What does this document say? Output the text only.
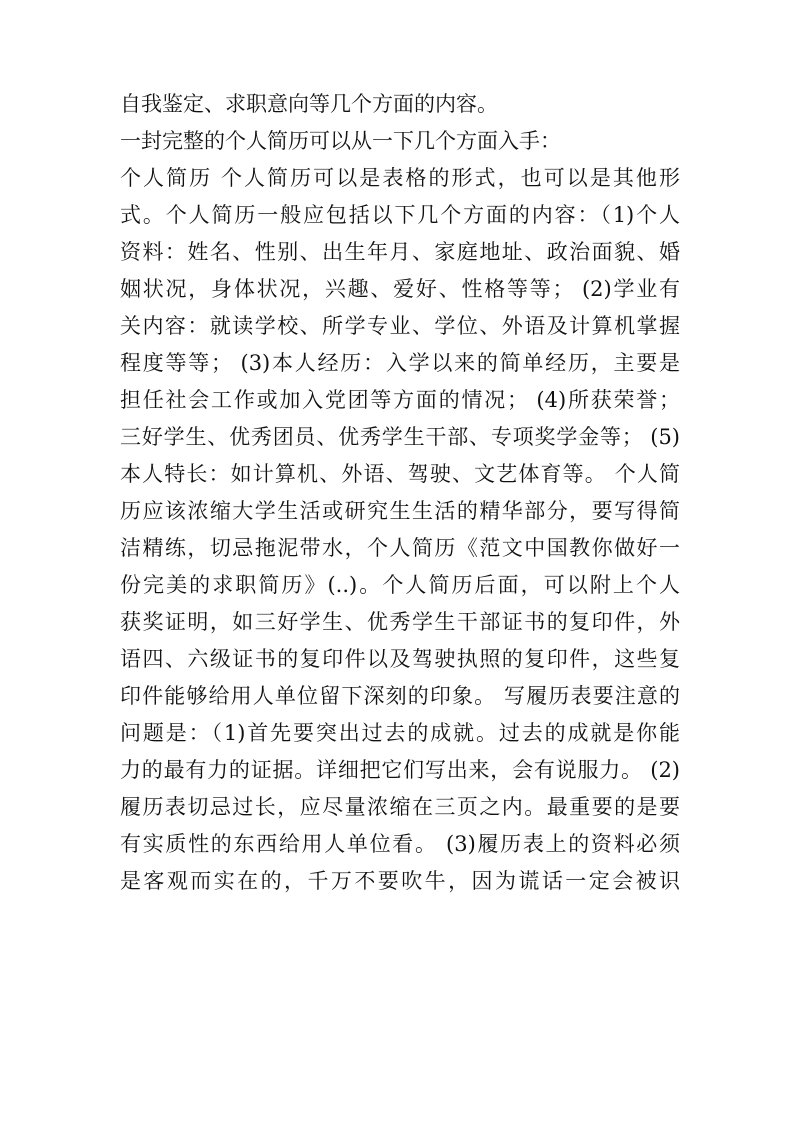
自我鉴定、求职意向等几个方面的内容。
一封完整的个人简历可以从一下几个方面入手：
个人简历 个人简历可以是表格的形式，也可以是其他形
式。个人简历一般应包括以下几个方面的内容：（1)个人
资料：姓名、性别、出生年月、家庭地址、政治面貌、婚
姻状况，身体状况，兴趣、爱好、性格等等； (2)学业有
关内容：就读学校、所学专业、学位、外语及计算机掌握
程度等等； (3)本人经历：入学以来的简单经历，主要是
担任社会工作或加入党团等方面的情况； (4)所获荣誉；
三好学生、优秀团员、优秀学生干部、专项奖学金等； (5)
本人特长：如计算机、外语、驾驶、文艺体育等。 个人简
历应该浓缩大学生活或研究生生活的精华部分，要写得简
洁精练，切忌拖泥带水，个人简历《范文中国教你做好一
份完美的求职简历》(..)。个人简历后面，可以附上个人
获奖证明，如三好学生、优秀学生干部证书的复印件，外
语四、六级证书的复印件以及驾驶执照的复印件，这些复
印件能够给用人单位留下深刻的印象。 写履历表要注意的
问题是：（1)首先要突出过去的成就。过去的成就是你能
力的最有力的证据。详细把它们写出来，会有说服力。 (2)
履历表切忌过长，应尽量浓缩在三页之内。最重要的是要
有实质性的东西给用人单位看。 (3)履历表上的资料必须
是客观而实在的，千万不要吹牛，因为谎话一定会被识
